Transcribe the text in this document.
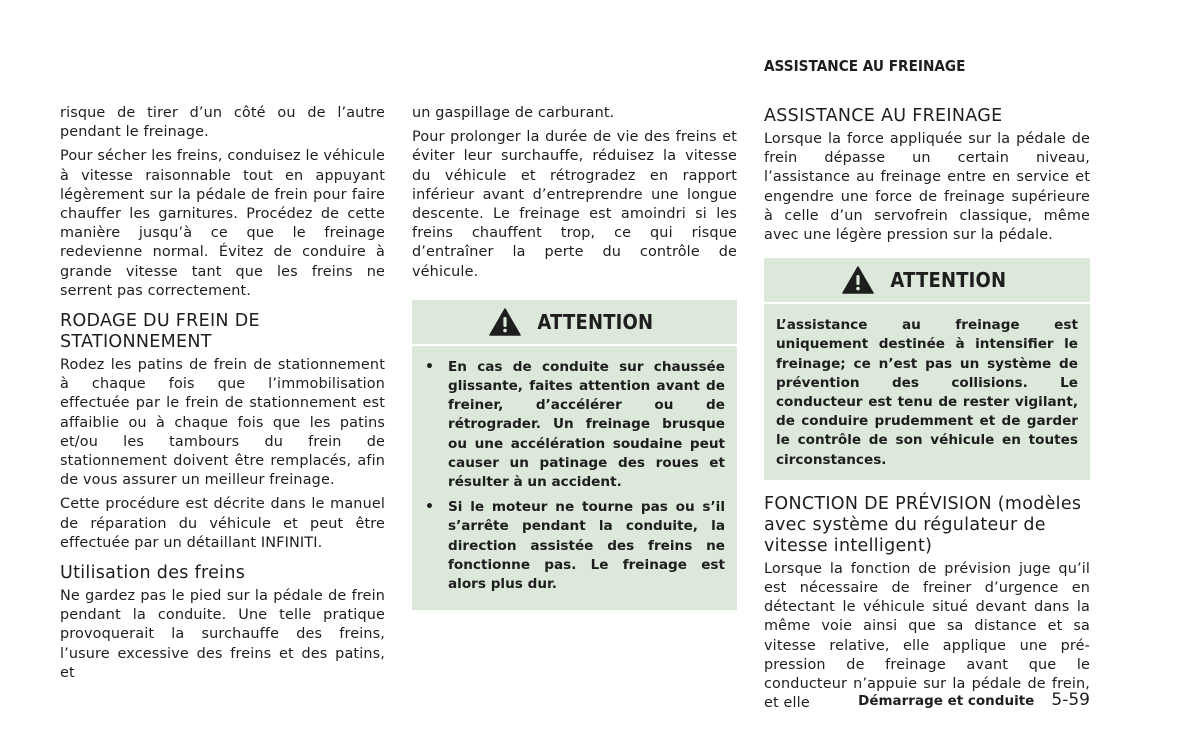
ASSISTANCE AU FREINAGE

risque de tirer d’un côté ou de l’autre pendant le freinage.

Pour sécher les freins, conduisez le véhicule à vitesse raisonnable tout en appuyant légèrement sur la pédale de frein pour faire chauffer les garnitures. Procédez de cette manière jusqu’à ce que le freinage redevienne normal. Évitez de conduire à grande vitesse tant que les freins ne serrent pas correctement.

RODAGE DU FREIN DE STATIONNEMENT

Rodez les patins de frein de stationnement à chaque fois que l’immobilisation effectuée par le frein de stationnement est affaiblie ou à chaque fois que les patins et/ou les tambours du frein de stationnement doivent être remplacés, afin de vous assurer un meilleur freinage.

Cette procédure est décrite dans le manuel de réparation du véhicule et peut être effectuée par un détaillant INFINITI.

Utilisation des freins

Ne gardez pas le pied sur la pédale de frein pendant la conduite. Une telle pratique provoquerait la surchauffe des freins, l’usure excessive des freins et des patins, et

un gaspillage de carburant.

Pour prolonger la durée de vie des freins et éviter leur surchauffe, réduisez la vitesse du véhicule et rétrogradez en rapport inférieur avant d’entreprendre une longue descente. Le freinage est amoindri si les freins chauffent trop, ce qui risque d’entraîner la perte du contrôle de véhicule.

ATTENTION
• En cas de conduite sur chaussée glissante, faites attention avant de freiner, d’accélérer ou de rétrograder. Un freinage brusque ou une accélération soudaine peut causer un patinage des roues et résulter à un accident.
• Si le moteur ne tourne pas ou s’il s’arrête pendant la conduite, la direction assistée des freins ne fonctionne pas. Le freinage est alors plus dur.
ASSISTANCE AU FREINAGE

Lorsque la force appliquée sur la pédale de frein dépasse un certain niveau, l’assistance au freinage entre en service et engendre une force de freinage supérieure à celle d’un servofrein classique, même avec une légère pression sur la pédale.

ATTENTION

L’assistance au freinage est uniquement destinée à intensifier le freinage; ce n’est pas un système de prévention des collisions. Le conducteur est tenu de rester vigilant, de conduire prudemment et de garder le contrôle de son véhicule en toutes circonstances.

FONCTION DE PRÉVISION (modèles avec système du régulateur de vitesse intelligent)

Lorsque la fonction de prévision juge qu’il est nécessaire de freiner d’urgence en détectant le véhicule situé devant dans la même voie ainsi que sa distance et sa vitesse relative, elle applique une pré-pression de freinage avant que le conducteur n’appuie sur la pédale de frein, et elle	Démarrage et conduite 5-59
